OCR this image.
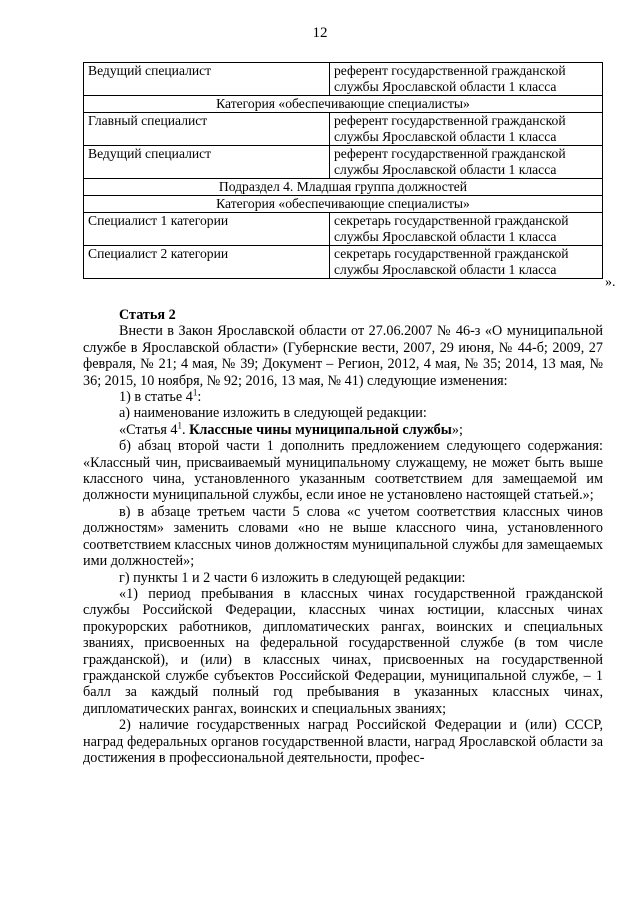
12
Ведущий специалист	референт государственной гражданской
службы Ярославской области 1 класса
Категория «обеспечивающие специалисты»	
Главный специалист	референт государственной гражданской
службы Ярославской области 1 класса
Ведущий специалист	референт государственной гражданской
службы Ярославской области 1 класса
Подраздел 4. Младшая группа должностей	
Категория «обеспечивающие специалисты»	
Специалист 1 категории	секретарь государственной гражданской
службы Ярославской области 1 класса
Специалист 2 категории	секретарь государственной гражданской
службы Ярославской области 1 класса
».
Статья 2

Внести в Закон Ярославской области от 27.06.2007 № 46-з «О муниципальной службе в Ярославской области» (Губернские вести, 2007, 29 июня, № 44-б; 2009, 27 февраля, № 21; 4 мая, № 39; Документ – Регион, 2012, 4 мая, № 35; 2014, 13 мая, № 36; 2015, 10 ноября, № 92; 2016, 13 мая, № 41) следующие изменения:

1) в статье $4^1$:

а) наименование изложить в следующей редакции:

«Статья $4^1$. Классные чины муниципальной службы»;

б) абзац второй части 1 дополнить предложением следующего содержания: «Классный чин, присваиваемый муниципальному служащему, не может быть выше классного чина, установленного указанным соответствием для замещаемой им должности муниципальной службы, если иное не установлено настоящей статьей.»;

в) в абзаце третьем части 5 слова «с учетом соответствия классных чинов должностям» заменить словами «но не выше классного чина, установленного соответствием классных чинов должностям муниципальной службы для замещаемых ими должностей»;

г) пункты 1 и 2 части 6 изложить в следующей редакции:

«1) период пребывания в классных чинах государственной гражданской службы Российской Федерации, классных чинах юстиции, классных чинах прокурорских работников, дипломатических рангах, воинских и специальных званиях, присвоенных на федеральной государственной службе (в том числе гражданской), и (или) в классных чинах, присвоенных на государственной гражданской службе субъектов Российской Федерации, муниципальной службе, – 1 балл за каждый полный год пребывания в указанных классных чинах, дипломатических рангах, воинских и специальных званиях;

2) наличие государственных наград Российской Федерации и (или) СССР, наград федеральных органов государственной власти, наград Ярославской области за достижения в профессиональной деятельности, профес-
